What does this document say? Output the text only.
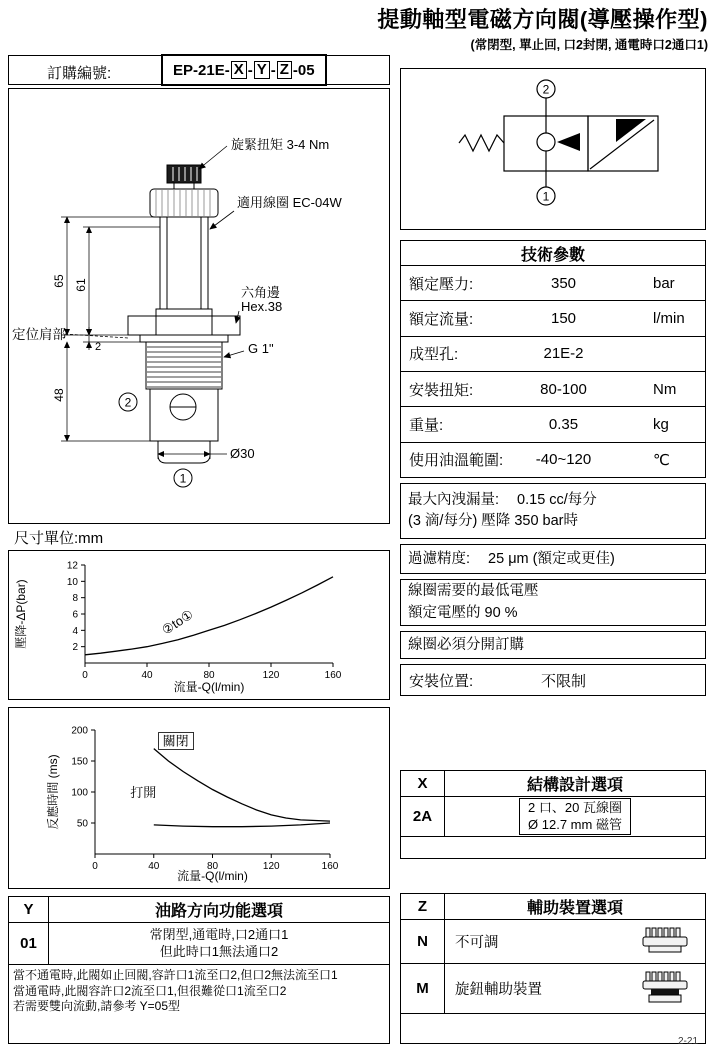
提動軸型電磁方向閥(導壓操作型)
(常閉型, 單止回, 口2封閉, 通電時口2通口1)
訂購編號:	EP-21E- X - Y - Z -05
旋緊扭矩 3-4 Nm
適用線圈 EC-04W
六角邊
Hex.38
G 1"
定位肩部
65 61
2
48
Ø30
2
1
尺寸單位:mm
0	40	80	120	160
2
4
6
8
10
12
流量-Q(l/min)
壓降-ΔP(bar)	②to①
0	40	80	120	160
50
100
150
200
流量-Q(l/min)
反應時間 (ms)
關閉
打開
Y	油路方向功能選項
01
常閉型,通電時,口2通口1
但此時口1無法通口2
當不通電時,此閥如止回閥,容許口1流至口2,但口2無法流至口1
當通電時,此閥容許口2流至口1,但很難從口1流至口2
若需要雙向流動,請參考 Y=05型
2
1
技術參數
額定壓力:	350	bar
額定流量:	150	l/min
成型孔:	21E-2
安裝扭矩:	80-100	Nm
重量:	0.35	kg
使用油溫範圍:	-40~120	℃
最大內洩漏量: 0.15 cc/每分
(3 滴/每分) 壓降 350 bar時
過濾精度: 25 μm (額定或更佳)
線圈需要的最低電壓
額定電壓的 90 %
線圈必須分開訂購
安裝位置:	不限制
X	結構設計選項
2A
2 口、20 瓦線圈
Ø 12.7 mm 磁管
Z	輔助裝置選項
N	不可調
M	旋鈕輔助裝置
2-21
